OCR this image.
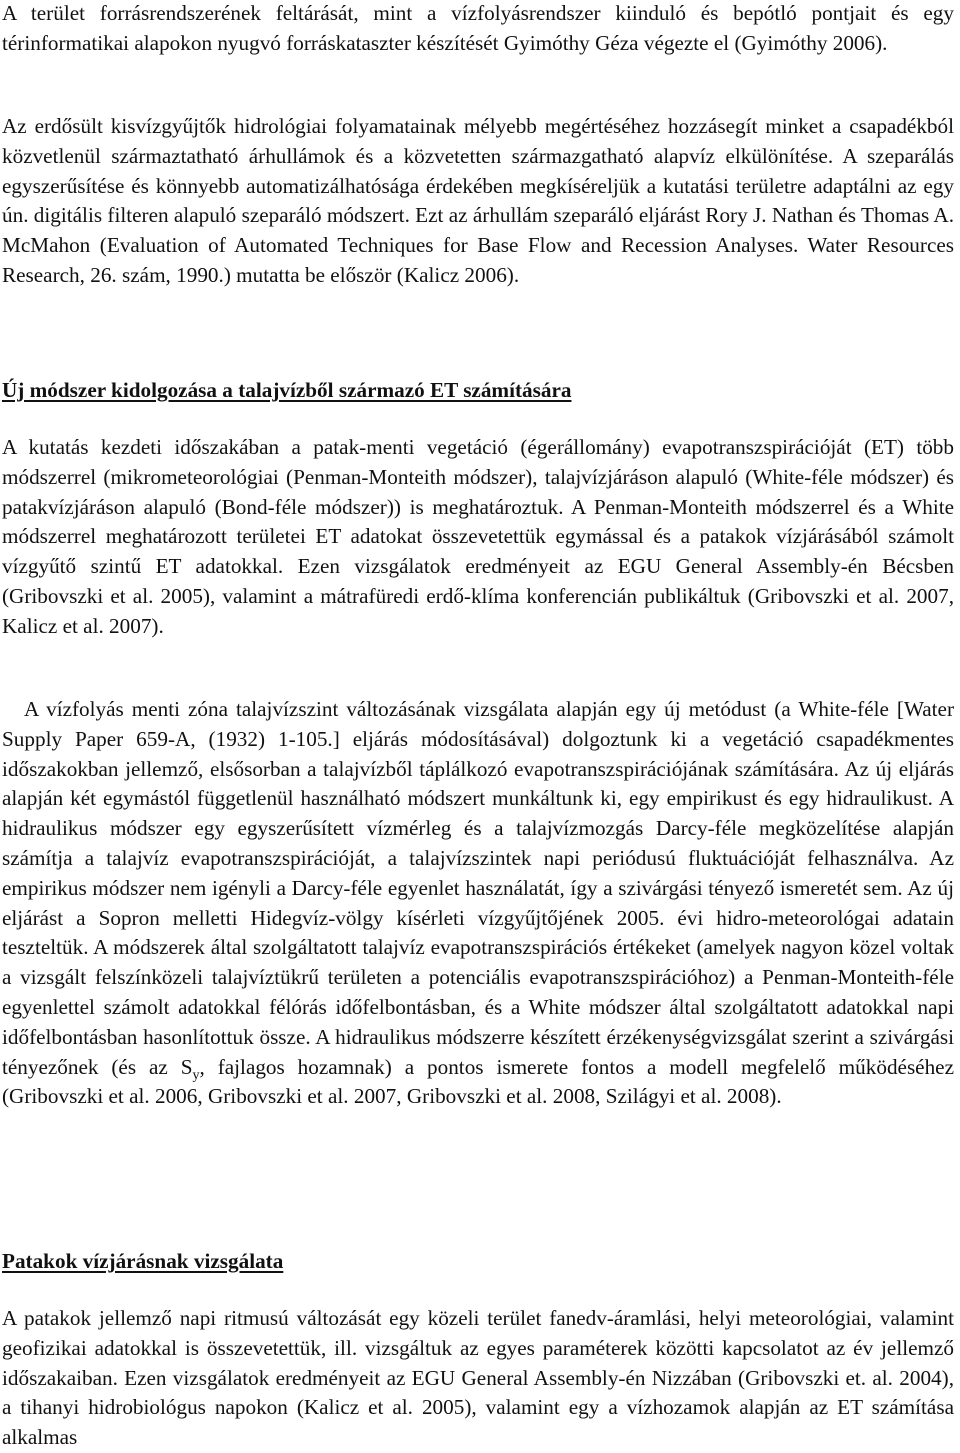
A terület forrásrendszerének feltárását, mint a vízfolyásrendszer kiinduló és bepótló pontjait és egy térinformatikai alapokon nyugvó forráskataszter készítését Gyimóthy Géza végezte el (Gyimóthy 2006).

Az erdősült kisvízgyűjtők hidrológiai folyamatainak mélyebb megértéséhez hozzásegít minket a csapadékból közvetlenül származtatható árhullámok és a közvetetten származgatható alapvíz elkülönítése. A szeparálás egyszerűsítése és könnyebb automatizálhatósága érdekében megkíséreljük a kutatási területre adaptálni az egy ún. digitális filteren alapuló szeparáló módszert. Ezt az árhullám szeparáló eljárást Rory J. Nathan és Thomas A. McMahon (Evaluation of Automated Techniques for Base Flow and Recession Analyses. Water Resources Research, 26. szám, 1990.) mutatta be először (Kalicz 2006).

Új módszer kidolgozása a talajvízből származó ET számítására

A kutatás kezdeti időszakában a patak-menti vegetáció (égerállomány) evapotranszspirációját (ET) több módszerrel (mikrometeorológiai (Penman-Monteith módszer), talajvízjáráson alapuló (White-féle módszer) és patakvízjáráson alapuló (Bond-féle módszer)) is meghatároztuk. A Penman-Monteith módszerrel és a White módszerrel meghatározott területei ET adatokat összevetettük egymással és a patakok vízjárásából számolt vízgyűtő szintű ET adatokkal. Ezen vizsgálatok eredményeit az EGU General Assembly-én Bécsben (Gribovszki et al. 2005), valamint a mátrafüredi erdő-klíma konferencián publikáltuk (Gribovszki et al. 2007, Kalicz et al. 2007).

A vízfolyás menti zóna talajvízszint változásának vizsgálata alapján egy új metódust (a White-féle [Water Supply Paper 659-A, (1932) 1-105.] eljárás módosításával) dolgoztunk ki a vegetáció csapadékmentes időszakokban jellemző, elsősorban a talajvízből táplálkozó evapotranszspirációjának számítására. Az új eljárás alapján két egymástól függetlenül használható módszert munkáltunk ki, egy empirikust és egy hidraulikust. A hidraulikus módszer egy egyszerűsített vízmérleg és a talajvízmozgás Darcy-féle megközelítése alapján számítja a talajvíz evapotranszspirációját, a talajvízszintek napi periódusú fluktuációját felhasználva. Az empirikus módszer nem igényli a Darcy-féle egyenlet használatát, így a szivárgási tényező ismeretét sem. Az új eljárást a Sopron melletti Hidegvíz-völgy kísérleti vízgyűjtőjének 2005. évi hidro-meteorológai adatain teszteltük. A módszerek által szolgáltatott talajvíz evapotranszspirációs értékeket (amelyek nagyon közel voltak a vizsgált felszínközeli talajvíztükrű területen a potenciális evapotranszspirációhoz) a Penman-Monteith-féle egyenlettel számolt adatokkal félórás időfelbontásban, és a White módszer által szolgáltatott adatokkal napi időfelbontásban hasonlítottuk össze. A hidraulikus módszerre készített érzékenységvizsgálat szerint a szivárgási tényezőnek (és az $S_y$, fajlagos hozamnak) a pontos ismerete fontos a modell megfelelő működéséhez (Gribovszki et al. 2006, Gribovszki et al. 2007, Gribovszki et al. 2008, Szilágyi et al. 2008).

Patakok vízjárásnak vizsgálata

A patakok jellemző napi ritmusú változását egy közeli terület fanedv-áramlási, helyi meteorológiai, valamint geofizikai adatokkal is összevetettük, ill. vizsgáltuk az egyes paraméterek közötti kapcsolatot az év jellemző időszakaiban. Ezen vizsgálatok eredményeit az EGU General Assembly-én Nizzában (Gribovszki et. al. 2004), a tihanyi hidrobiológus napokon (Kalicz et al. 2005), valamint egy a vízhozamok alapján az ET számítása alkalmas
